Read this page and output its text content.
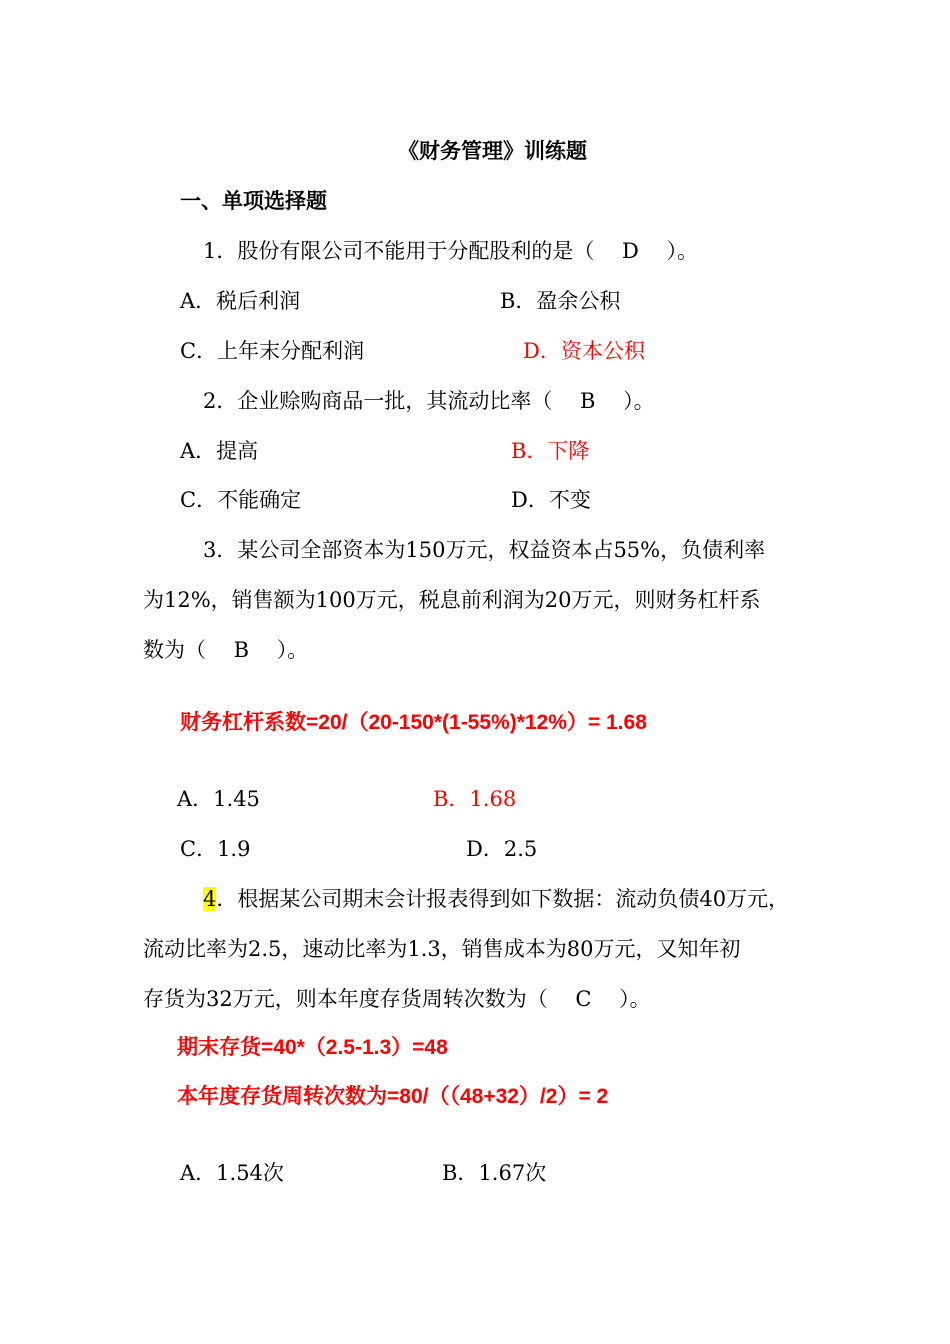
《财务管理》训练题
一、单项选择题
1．股份有限公司不能用于分配股利的是（　 D　 ）。
A．税后利润	B．盈余公积
C．上年末分配利润	D．资本公积
2．企业赊购商品一批，其流动比率（　 B　 ）。
A．提高	B．下降
C．不能确定	D．不变
3．某公司全部资本为150万元，权益资本占55%，负债利率
为12%，销售额为100万元，税息前利润为20万元，则财务杠杆系
数为（　 B　 ）。
财务杠杆系数=20/（20-150*(1-55%)*12%）= 1.68
A．1.45	B．1.68
C．1.9	D．2.5
4．根据某公司期末会计报表得到如下数据：流动负债40万元，
流动比率为2.5，速动比率为1.3，销售成本为80万元，又知年初
存货为32万元，则本年度存货周转次数为（　 C　 ）。
期末存货=40*（2.5-1.3）=48
本年度存货周转次数为=80/（（48+32）/2）= 2
A．1.54次	B．1.67次
